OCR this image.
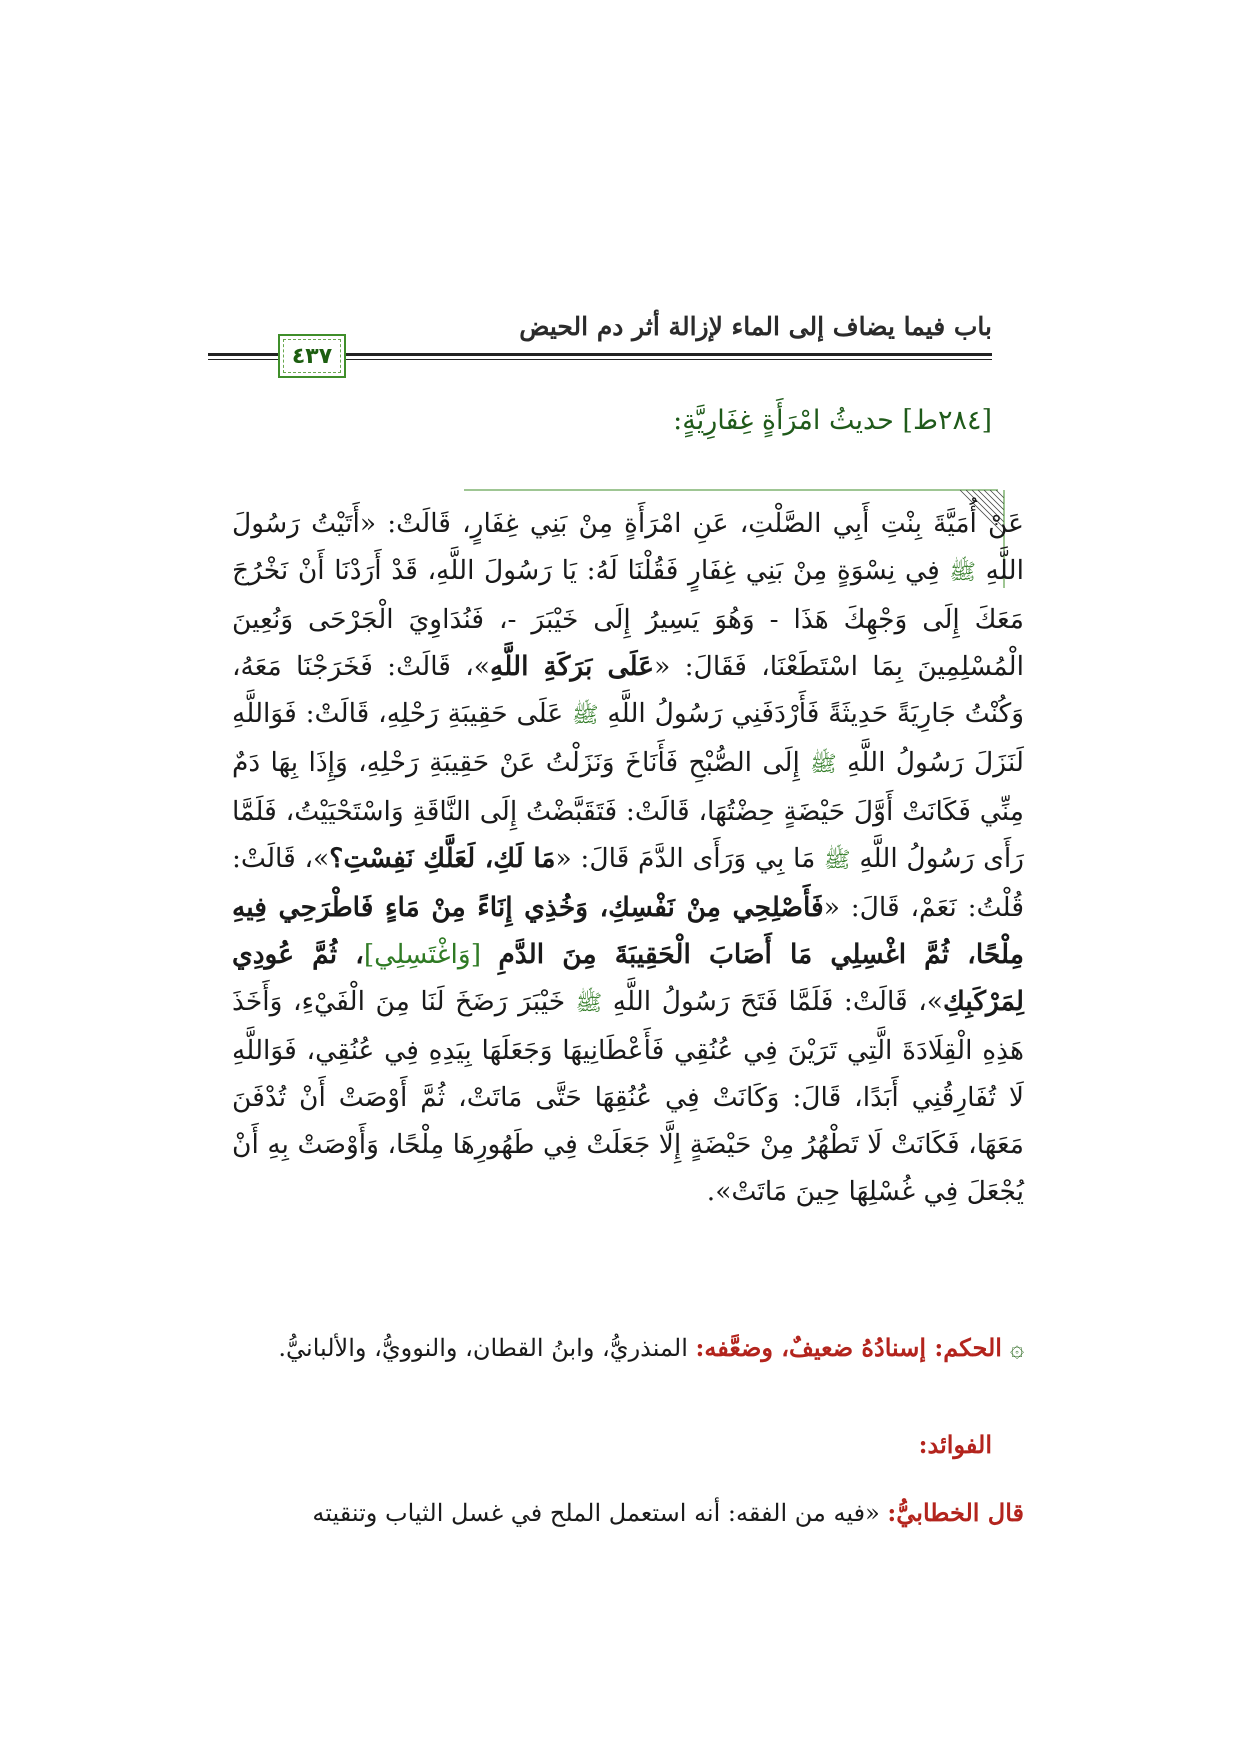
باب فيما يضاف إلى الماء لإزالة أثر دم الحيض
٤٣٧
[٢٨٤ط] حديثُ امْرَأَةٍ غِفَارِيَّةٍ:
عَنْ أُمَيَّةَ بِنْتِ أَبِي الصَّلْتِ، عَنِ امْرَأَةٍ مِنْ بَنِي غِفَارٍ، قَالَتْ: «أَتَيْتُ رَسُولَ اللَّهِ ﷺ فِي نِسْوَةٍ مِنْ بَنِي غِفَارٍ فَقُلْنَا لَهُ: يَا رَسُولَ اللَّهِ، قَدْ أَرَدْنَا أَنْ نَخْرُجَ مَعَكَ إِلَى وَجْهِكَ هَذَا - وَهُوَ يَسِيرُ إِلَى خَيْبَرَ -، فَنُدَاوِيَ الْجَرْحَى وَنُعِينَ الْمُسْلِمِينَ بِمَا اسْتَطَعْنَا، فَقَالَ: «عَلَى بَرَكَةِ اللَّهِ»، قَالَتْ: فَخَرَجْنَا مَعَهُ، وَكُنْتُ جَارِيَةً حَدِيثَةً فَأَرْدَفَنِي رَسُولُ اللَّهِ ﷺ عَلَى حَقِيبَةِ رَحْلِهِ، قَالَتْ: فَوَاللَّهِ لَنَزَلَ رَسُولُ اللَّهِ ﷺ إِلَى الصُّبْحِ فَأَنَاخَ وَنَزَلْتُ عَنْ حَقِيبَةِ رَحْلِهِ، وَإِذَا بِهَا دَمٌ مِنِّي فَكَانَتْ أَوَّلَ حَيْضَةٍ حِضْتُهَا، قَالَتْ: فَتَقَبَّضْتُ إِلَى النَّاقَةِ وَاسْتَحْيَيْتُ، فَلَمَّا رَأَى رَسُولُ اللَّهِ ﷺ مَا بِي وَرَأَى الدَّمَ قَالَ: «مَا لَكِ، لَعَلَّكِ نَفِسْتِ؟»، قَالَتْ: قُلْتُ: نَعَمْ، قَالَ: «فَأَصْلِحِي مِنْ نَفْسِكِ، وَخُذِي إِنَاءً مِنْ مَاءٍ فَاطْرَحِي فِيهِ مِلْحًا، ثُمَّ اغْسِلِي مَا أَصَابَ الْحَقِيبَةَ مِنَ الدَّمِ [وَاغْتَسِلِي]، ثُمَّ عُودِي لِمَرْكَبِكِ»، قَالَتْ: فَلَمَّا فَتَحَ رَسُولُ اللَّهِ ﷺ خَيْبَرَ رَضَخَ لَنَا مِنَ الْفَيْءِ، وَأَخَذَ هَذِهِ الْقِلَادَةَ الَّتِي تَرَيْنَ فِي عُنُقِي فَأَعْطَانِيهَا وَجَعَلَهَا بِيَدِهِ فِي عُنُقِي، فَوَاللَّهِ لَا تُفَارِقُنِي أَبَدًا، قَالَ: وَكَانَتْ فِي عُنُقِهَا حَتَّى مَاتَتْ، ثُمَّ أَوْصَتْ أَنْ تُدْفَنَ مَعَهَا، فَكَانَتْ لَا تَطْهُرُ مِنْ حَيْضَةٍ إِلَّا جَعَلَتْ فِي طَهُورِهَا مِلْحًا، وَأَوْصَتْ بِهِ أَنْ يُجْعَلَ فِي غُسْلِهَا حِينَ مَاتَتْ».
۞الحكم: إسنادُهُ ضعيفٌ، وضعَّفه: المنذريُّ، وابنُ القطان، والنوويُّ، والألبانيُّ.
الفوائد:
قال الخطابيُّ: «فيه من الفقه: أنه استعمل الملح في غسل الثياب وتنقيته
